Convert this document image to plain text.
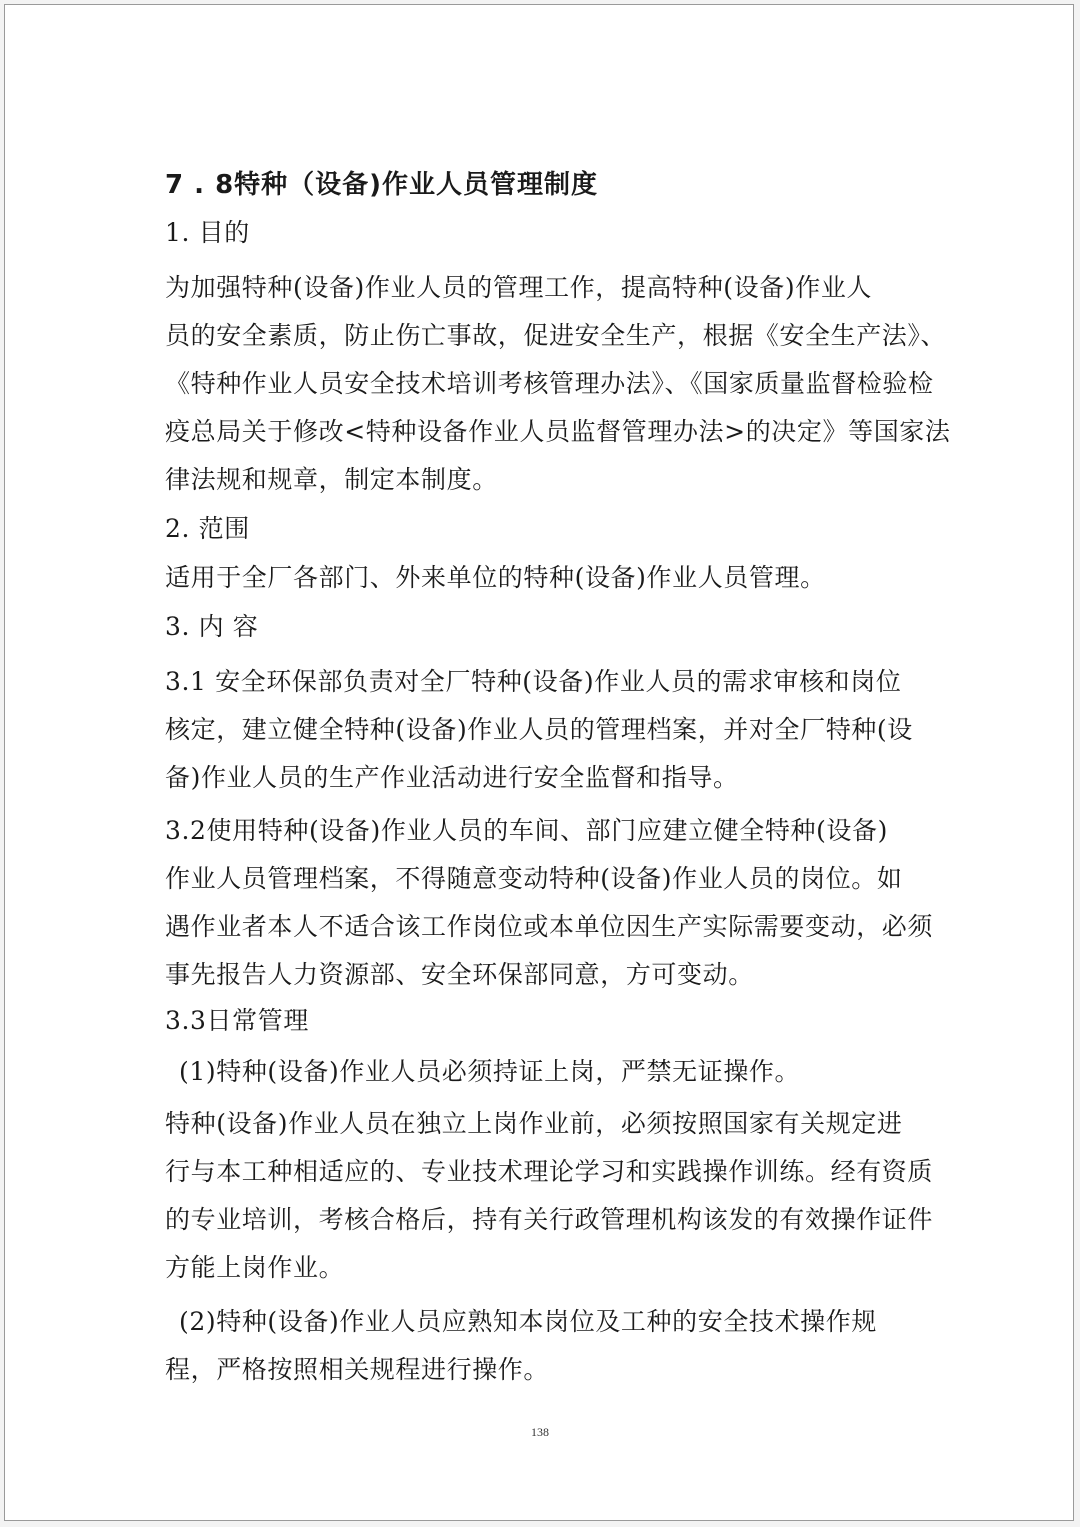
7 . 8特种（设备)作业人员管理制度
1. 目的
为加强特种(设备)作业人员的管理工作，提高特种(设备)作业人
员的安全素质，防止伤亡事故，促进安全生产，根据《安全生产法》、
《特种作业人员安全技术培训考核管理办法》、《国家质量监督检验检
疫总局关于修改<特种设备作业人员监督管理办法>的决定》等国家法
律法规和规章，制定本制度。
2. 范围
适用于全厂各部门、外来单位的特种(设备)作业人员管理。
3. 内 容
3.1 安全环保部负责对全厂特种(设备)作业人员的需求审核和岗位
核定，建立健全特种(设备)作业人员的管理档案，并对全厂特种(设
备)作业人员的生产作业活动进行安全监督和指导。
3.2使用特种(设备)作业人员的车间、部门应建立健全特种(设备)
作业人员管理档案，不得随意变动特种(设备)作业人员的岗位。如
遇作业者本人不适合该工作岗位或本单位因生产实际需要变动，必须
事先报告人力资源部、安全环保部同意，方可变动。
3.3日常管理
(1)特种(设备)作业人员必须持证上岗，严禁无证操作。
特种(设备)作业人员在独立上岗作业前，必须按照国家有关规定进
行与本工种相适应的、专业技术理论学习和实践操作训练。经有资质
的专业培训，考核合格后，持有关行政管理机构该发的有效操作证件
方能上岗作业。
(2)特种(设备)作业人员应熟知本岗位及工种的安全技术操作规
程，严格按照相关规程进行操作。
138
